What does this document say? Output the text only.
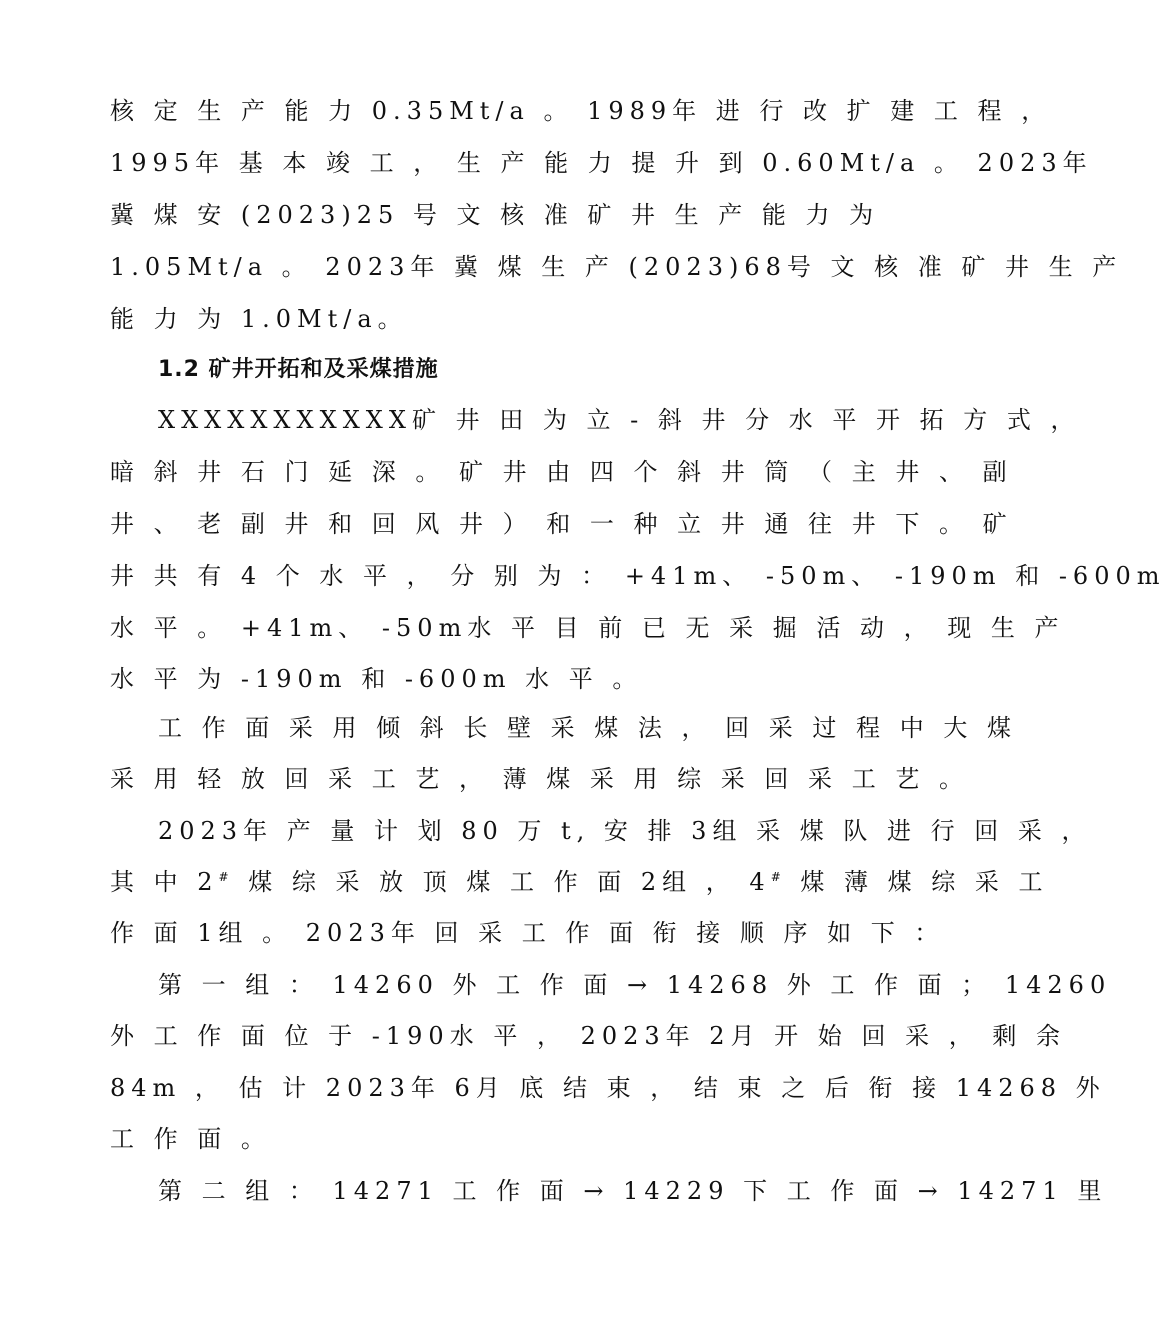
核 定 生 产 能 力 0.35Mt/a 。 1989年 进 行 改 扩 建 工 程 ，
1995年 基 本 竣 工 ， 生 产 能 力 提 升 到 0.60Mt/a 。 2023年
冀 煤 安 (2023)25 号 文 核 准 矿 井 生 产 能 力 为
1.05Mt/a 。 2023年 冀 煤 生 产 (2023)68号 文 核 准 矿 井 生 产
能 力 为 1.0Mt/a。
1.2 矿井开拓和及采煤措施
XXXXXXXXXXX矿 井 田 为 立 - 斜 井 分 水 平 开 拓 方 式 ，
暗 斜 井 石 门 延 深 。 矿 井 由 四 个 斜 井 筒 （ 主 井 、 副
井 、 老 副 井 和 回 风 井 ） 和 一 种 立 井 通 往 井 下 。 矿
井 共 有 4 个 水 平 ， 分 别 为 ： +41m、 -50m、 -190m 和 -600m
水 平 。 +41m、 -50m水 平 目 前 已 无 采 掘 活 动 ， 现 生 产
水 平 为 -190m 和 -600m 水 平 。
工 作 面 采 用 倾 斜 长 壁 采 煤 法 ， 回 采 过 程 中 大 煤
采 用 轻 放 回 采 工 艺 ， 薄 煤 采 用 综 采 回 采 工 艺 。
2023年 产 量 计 划 80 万 t, 安 排 3组 采 煤 队 进 行 回 采 ，
其 中 2# 煤 综 采 放 顶 煤 工 作 面 2组 ， 4# 煤 薄 煤 综 采 工
作 面 1组 。 2023年 回 采 工 作 面 衔 接 顺 序 如 下 ：
第 一 组 ： 14260 外 工 作 面 → 14268 外 工 作 面 ； 14260
外 工 作 面 位 于 -190水 平 ， 2023年 2月 开 始 回 采 ， 剩 余
84m ， 估 计 2023年 6月 底 结 束 ， 结 束 之 后 衔 接 14268 外
工 作 面 。
第 二 组 ： 14271 工 作 面 → 14229 下 工 作 面 → 14271 里
